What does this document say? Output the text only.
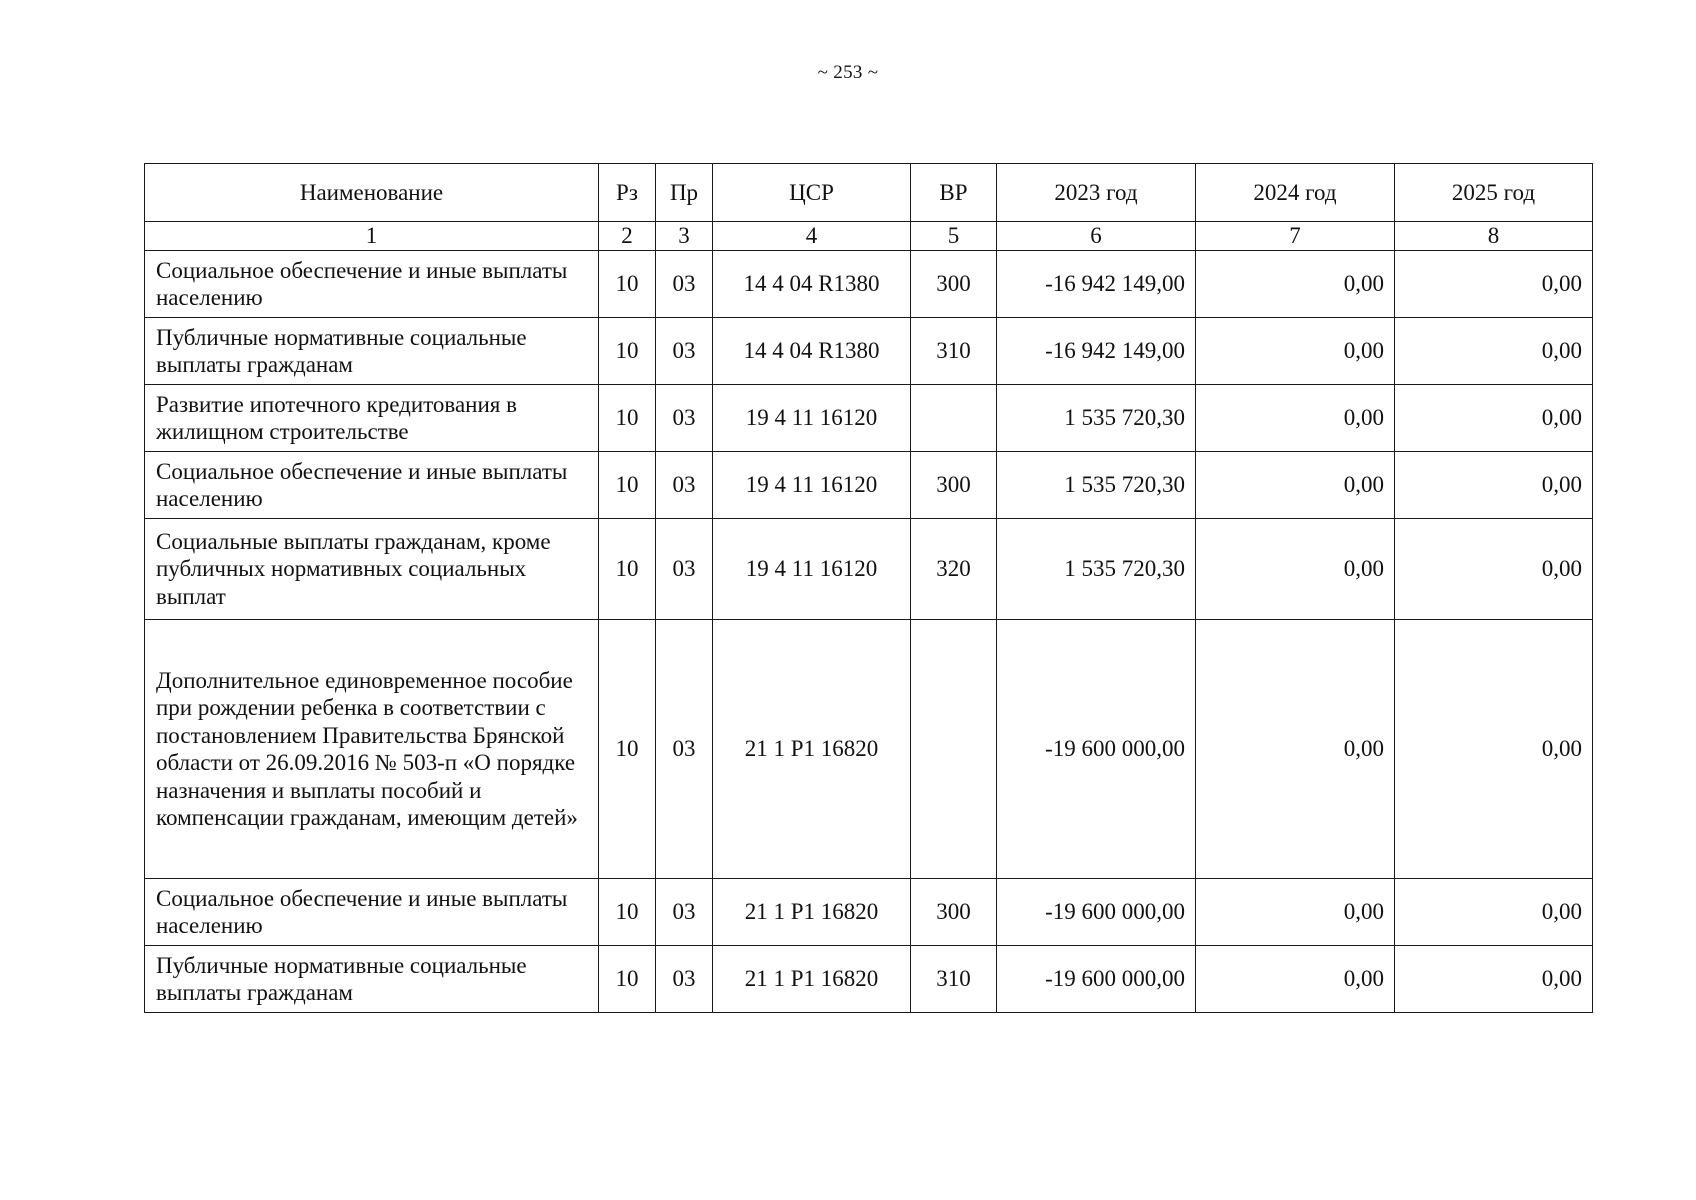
~ 253 ~
Наименование	Рз	Пр	ЦСР	ВР	2023 год	2024 год	2025 год
1	2	3	4	5	6	7	8
Социальное обеспечение и иные выплаты населению	10	03	14 4 04 R1380	300	-16 942 149,00	0,00	0,00
Публичные нормативные социальные выплаты гражданам	10	03	14 4 04 R1380	310	-16 942 149,00	0,00	0,00
Развитие ипотечного кредитования в жилищном строительстве	10	03	19 4 11 16120		1 535 720,30	0,00	0,00
Социальное обеспечение и иные выплаты населению	10	03	19 4 11 16120	300	1 535 720,30	0,00	0,00
Социальные выплаты гражданам, кроме публичных нормативных социальных выплат	10	03	19 4 11 16120	320	1 535 720,30	0,00	0,00
Дополнительное единовременное пособие при рождении ребенка в соответствии с постановлением Правительства Брянской области от 26.09.2016 № 503-п «О порядке назначения и выплаты пособий и компенсации гражданам, имеющим детей»	10	03	21 1 P1 16820		-19 600 000,00	0,00	0,00
Социальное обеспечение и иные выплаты населению	10	03	21 1 P1 16820	300	-19 600 000,00	0,00	0,00
Публичные нормативные социальные выплаты гражданам	10	03	21 1 P1 16820	310	-19 600 000,00	0,00	0,00
